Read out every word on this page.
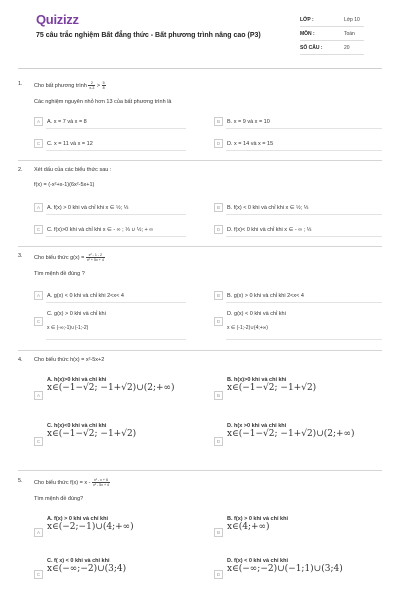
Quizizz
75 câu trắc nghiệm Bất đẳng thức - Bất phương trình nâng cao (P3)
LỚP :	Lớp 10
MÔN :	Toán
SỐ CÂU :	20
1. Cho bất phương trình $\frac{2}{x-3} > \frac{5}{8}$
Các nghiệm nguyên nhỏ hơn 13 của bất phương trình là
A	A. x = 7 và x = 8	B	B. x = 9 và x = 10
C	C. x = 11 và x = 12	D	D. x = 14 và x = 15
2. Xét dấu của các biểu thức sau :
f(x) = (-x²+x-1)(6x²-5x+1)
A	A. f(x) > 0 khi và chỉ khi x ∈ ½; ⅓	B	B. f(x) < 0 khi và chỉ khi x ∈ ½; ⅓
C	C. f(x)>0 khi và chỉ khi x ∈ - ∞ ; ⅓ ∪ ½; + ∞	D	D. f(x)< 0 khi và chỉ khi x ∈ - ∞ ; ⅓
3. Cho biểu thức $g(x) = \frac{\text{x² - 1 - 2}}{\text{x² + 5x + 4}}$
Tìm mệnh đề đúng ?
A	A. g(x) < 0 khi và chỉ khi 2<x< 4	B	B. g(x) > 0 khi và chỉ khi 2<x< 4
C
C. g(x) > 0 khi và chỉ khi
x ∈ (-∞;-1)∪(-1;-2)
D
D. g(x) < 0 khi và chỉ khi
x ∈ (-1;-2)∪(4;+∞)
4. Cho biểu thức h(x) = x²-5x+2
A
A. h(x)>0 khi và chỉ khi
x∈(−1−√2; −1+√2)∪(2;+∞)
B
B. h(x)>0 khi và chỉ khi
x∈(−1−√2; −1+√2)
C
C. h(x)<0 khi và chỉ khi
x∈(−1−√2; −1+√2)
D
D. h(x >0 khi và chỉ khi
x∈(−1−√2; −1+√2)∪(2;+∞)
5. Cho biểu thức $f(x) = x - \frac{\text{x² - x + 6}}{\text{x² - 5x + 4}}$
Tìm mệnh đề đúng?
A
A. f(x) > 0 khi và chỉ khi
x∈(−2;−1)∪(4;+∞)
B
B. f(x) > 0 khi và chỉ khi
x∈(4;+∞)
C
C. f( x) < 0 khi và chỉ khi
x∈(−∞;−2)∪(3;4)
D
D. f(x) < 0 khi và chỉ khi
x∈(−∞;−2)∪(−1;1)∪(3;4)
